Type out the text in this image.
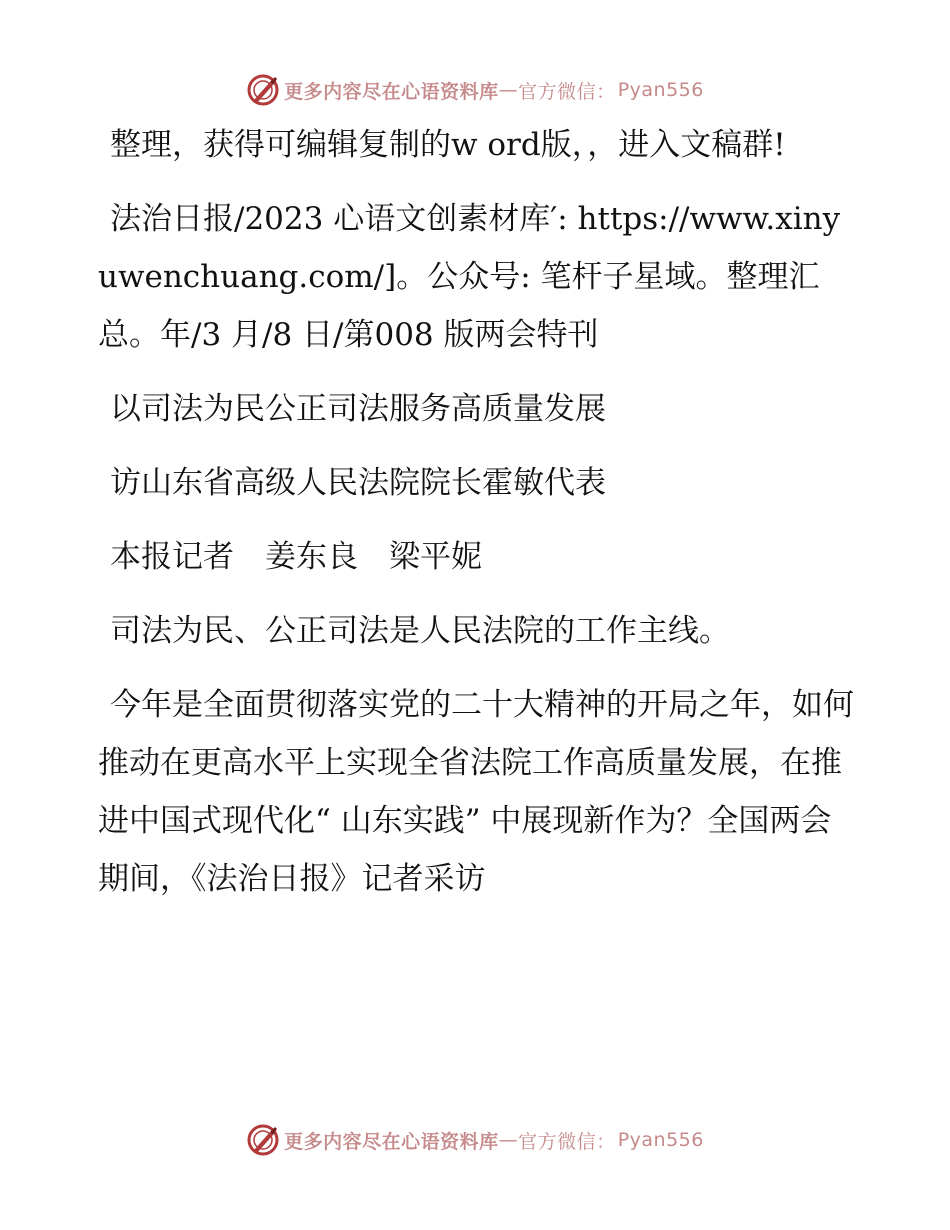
更多内容尽在心语资料库 — 官方微信： Pyan556

整理，获得可编辑复制的w ord版，，进入文稿群!

法治日报/2023 心语文创素材库′: https://www.xinyuwenchuang.com/]。公众号: 笔杆子星域。整理汇总。年/3 月/8 日/第008 版两会特刊

以司法为民公正司法服务高质量发展

访山东省高级人民法院院长霍敏代表

本报记者　姜东良　梁平妮

司法为民、公正司法是人民法院的工作主线。

今年是全面贯彻落实党的二十大精神的开局之年，如何推动在更高水平上实现全省法院工作高质量发展，在推进中国式现代化“ 山东实践” 中展现新作为？全国两会期间，《法治日报》记者采访

更多内容尽在心语资料库 — 官方微信： Pyan556
